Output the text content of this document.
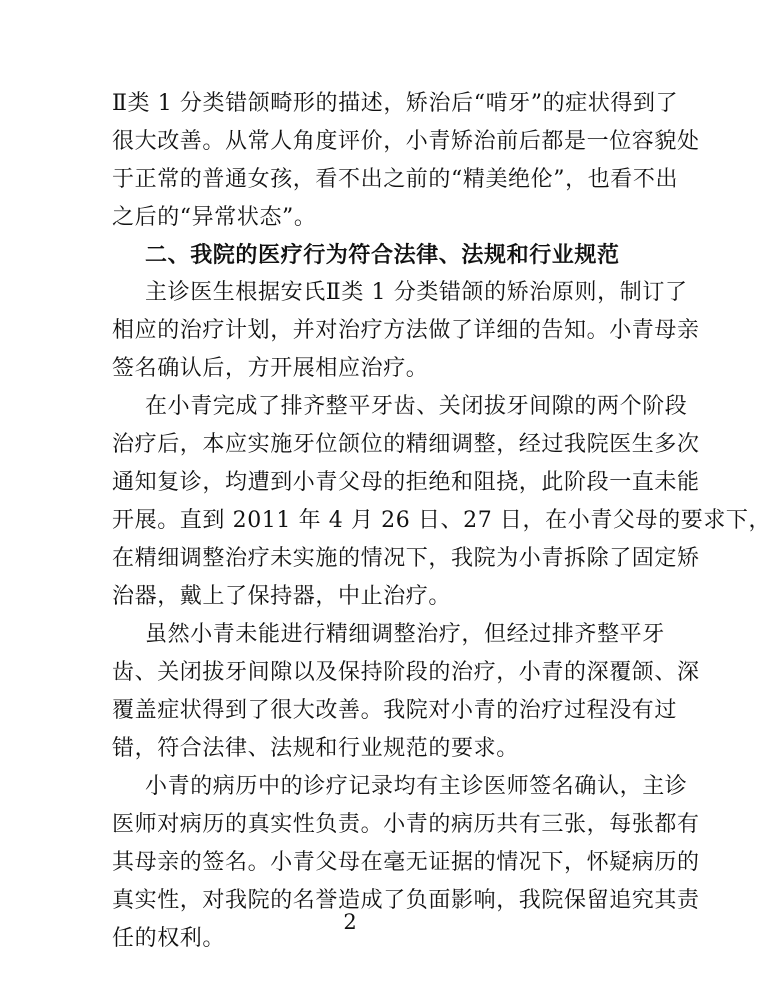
Ⅱ类 1 分类错颌畸形的描述，矫治后“啃牙”的症状得到了
很大改善。从常人角度评价，小青矫治前后都是一位容貌处
于正常的普通女孩，看不出之前的“精美绝伦”，也看不出
之后的“异常状态”。
二、我院的医疗行为符合法律、法规和行业规范
主诊医生根据安氏Ⅱ类 1 分类错颌的矫治原则，制订了
相应的治疗计划，并对治疗方法做了详细的告知。小青母亲
签名确认后，方开展相应治疗。
在小青完成了排齐整平牙齿、关闭拔牙间隙的两个阶段
治疗后，本应实施牙位颌位的精细调整，经过我院医生多次
通知复诊，均遭到小青父母的拒绝和阻挠，此阶段一直未能
开展。直到 2011 年 4 月 26 日、27 日，在小青父母的要求下，
在精细调整治疗未实施的情况下，我院为小青拆除了固定矫
治器，戴上了保持器，中止治疗。
虽然小青未能进行精细调整治疗，但经过排齐整平牙
齿、关闭拔牙间隙以及保持阶段的治疗，小青的深覆颌、深
覆盖症状得到了很大改善。我院对小青的治疗过程没有过
错，符合法律、法规和行业规范的要求。
小青的病历中的诊疗记录均有主诊医师签名确认，主诊
医师对病历的真实性负责。小青的病历共有三张，每张都有
其母亲的签名。小青父母在毫无证据的情况下，怀疑病历的
真实性，对我院的名誉造成了负面影响，我院保留追究其责
任的权利。
2
